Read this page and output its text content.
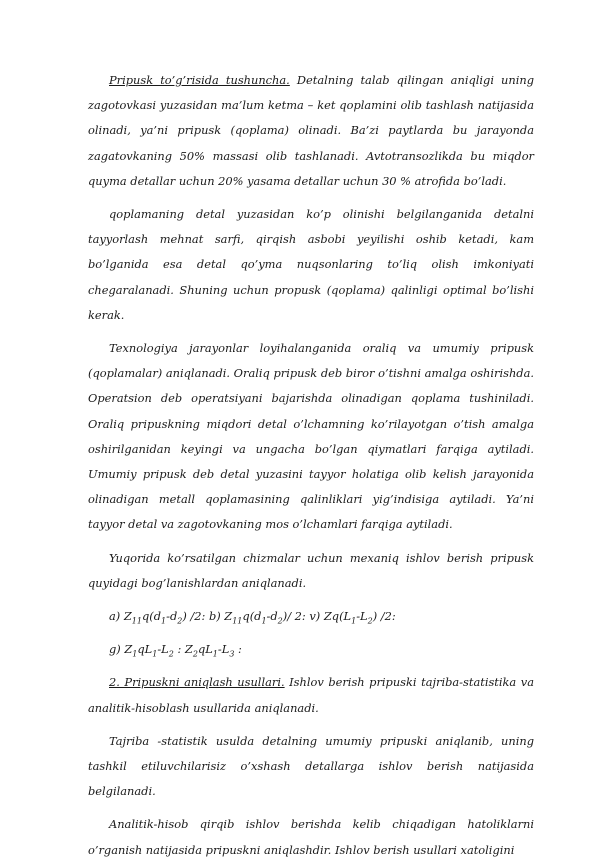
Pripusk to’g’risida tushuncha. Detalning talab qilingan aniqligi uning zagotovkasi yuzasidan ma’lum ketma – ket qoplamini olib tashlash natijasida olinadi, ya’ni pripusk (qoplama) olinadi. Ba’zi paytlarda bu jarayonda zagatovkaning 50% massasi olib tashlanadi. Avtotransozlikda bu miqdor quyma detallar uchun 20% yasama detallar uchun 30 % atrofida bo’ladi.

qoplamaning detal yuzasidan ko’p olinishi belgilanganida detalni tayyorlash mehnat sarfi, qirqish asbobi yeyilishi oshib ketadi, kam bo’lganida esa detal qo’yma nuqsonlaring to’liq olish imkoniyati chegaralanadi. Shuning uchun propusk (qoplama) qalinligi optimal bo’lishi kerak.

Texnologiya jarayonlar loyihalanganida oraliq va umumiy pripusk (qoplamalar) aniqlanadi. Oraliq pripusk deb biror o’tishni amalga oshirishda. Operatsion deb operatsiyani bajarishda olinadigan qoplama tushiniladi. Oraliq pripuskning miqdori detal o’lchamning ko’rilayotgan o’tish amalga oshirilganidan keyingi va ungacha bo’lgan qiymatlari farqiga aytiladi. Umumiy pripusk deb detal yuzasini tayyor holatiga olib kelish jarayonida olinadigan metall qoplamasining qalinliklari yig’indisiga aytiladi. Ya’ni tayyor detal va zagotovkaning mos o’lchamlari farqiga aytiladi.

Yuqorida ko’rsatilgan chizmalar uchun mexaniq ishlov berish pripusk quyidagi bog’lanishlardan aniqlanadi.

a) $Z_{11}q(d_1-d_2)$ /2: b) $Z_{11}q(d_1-d_2)/$ 2: v) $Zq(L_1-L_2)$ /2:

g) $Z_1qL_1-L_2$ : $Z_2qL_1-L_3$ :

2. Pripuskni aniqlash usullari. Ishlov berish pripuski tajriba-statistika va analitik-hisoblash usullarida aniqlanadi.

Tajriba -statistik usulda detalning umumiy pripuski aniqlanib, uning tashkil etiluvchilarisiz o’xshash detallarga ishlov berish natijasida belgilanadi.

Analitik-hisob qirqib ishlov berishda kelib chiqadigan hatoliklarni o’rganish natijasida pripuskni aniqlashdir. Ishlov berish usullari xatoligini
